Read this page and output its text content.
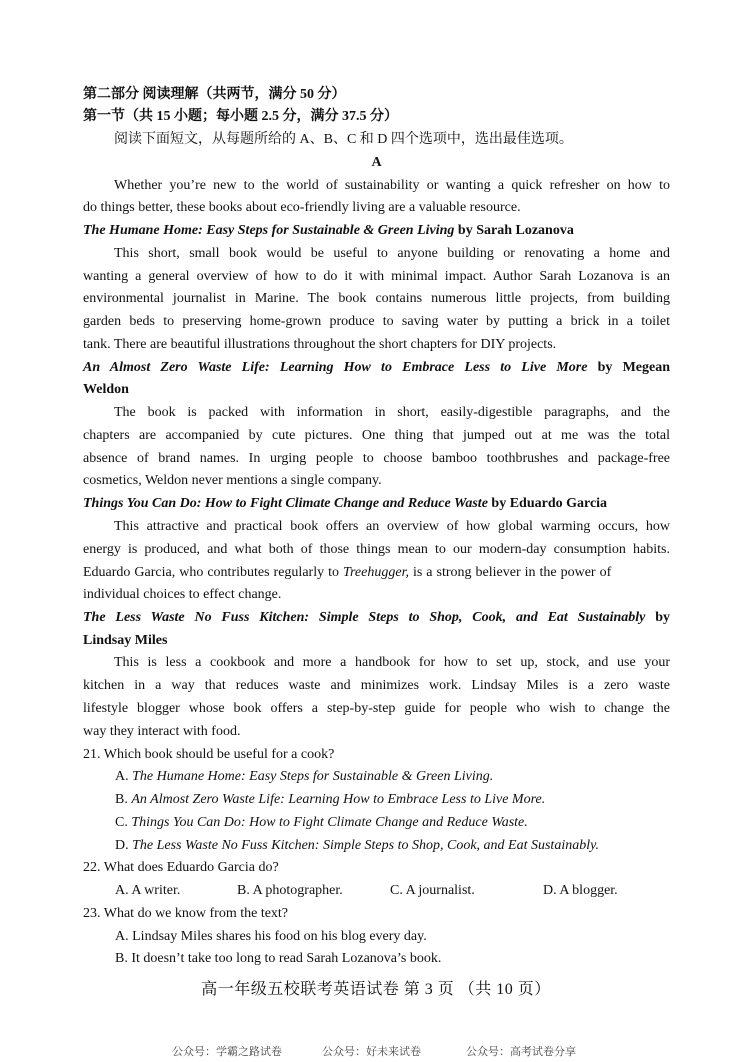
第二部分 阅读理解（共两节，满分 50 分）
第一节（共 15 小题；每小题 2.5 分，满分 37.5 分）
阅读下面短文，从每题所给的 A、B、C 和 D 四个选项中，选出最佳选项。
A
Whether you’re new to the world of sustainability or wanting a quick refresher on how to
do things better, these books about eco-friendly living are a valuable resource.
The Humane Home: Easy Steps for Sustainable & Green Living by Sarah Lozanova
This short, small book would be useful to anyone building or renovating a home and
wanting a general overview of how to do it with minimal impact. Author Sarah Lozanova is an
environmental journalist in Marine. The book contains numerous little projects, from building
garden beds to preserving home-grown produce to saving water by putting a brick in a toilet
tank. There are beautiful illustrations throughout the short chapters for DIY projects.
An Almost Zero Waste Life: Learning How to Embrace Less to Live More by Megean
Weldon
The book is packed with information in short, easily-digestible paragraphs, and the
chapters are accompanied by cute pictures. One thing that jumped out at me was the total
absence of brand names. In urging people to choose bamboo toothbrushes and package-free
cosmetics, Weldon never mentions a single company.
Things You Can Do: How to Fight Climate Change and Reduce Waste by Eduardo Garcia
This attractive and practical book offers an overview of how global warming occurs, how
energy is produced, and what both of those things mean to our modern-day consumption habits.
Eduardo Garcia, who contributes regularly to Treehugger, is a strong believer in the power of
individual choices to effect change.
The Less Waste No Fuss Kitchen: Simple Steps to Shop, Cook, and Eat Sustainably by
Lindsay Miles
This is less a cookbook and more a handbook for how to set up, stock, and use your
kitchen in a way that reduces waste and minimizes work. Lindsay Miles is a zero waste
lifestyle blogger whose book offers a step-by-step guide for people who wish to change the
way they interact with food.
21. Which book should be useful for a cook?
A. The Humane Home: Easy Steps for Sustainable & Green Living.
B. An Almost Zero Waste Life: Learning How to Embrace Less to Live More.
C. Things You Can Do: How to Fight Climate Change and Reduce Waste.
D. The Less Waste No Fuss Kitchen: Simple Steps to Shop, Cook, and Eat Sustainably.
22. What does Eduardo Garcia do?
A. A writer.	B. A photographer.	C. A journalist.	D. A blogger.
23. What do we know from the text?
A. Lindsay Miles shares his food on his blog every day.
B. It doesn’t take too long to read Sarah Lozanova’s book.
高一年级五校联考英语试卷 第 3 页 （共 10 页）
公众号：学霸之路试卷	公众号：好未来试卷	公众号：高考试卷分享
